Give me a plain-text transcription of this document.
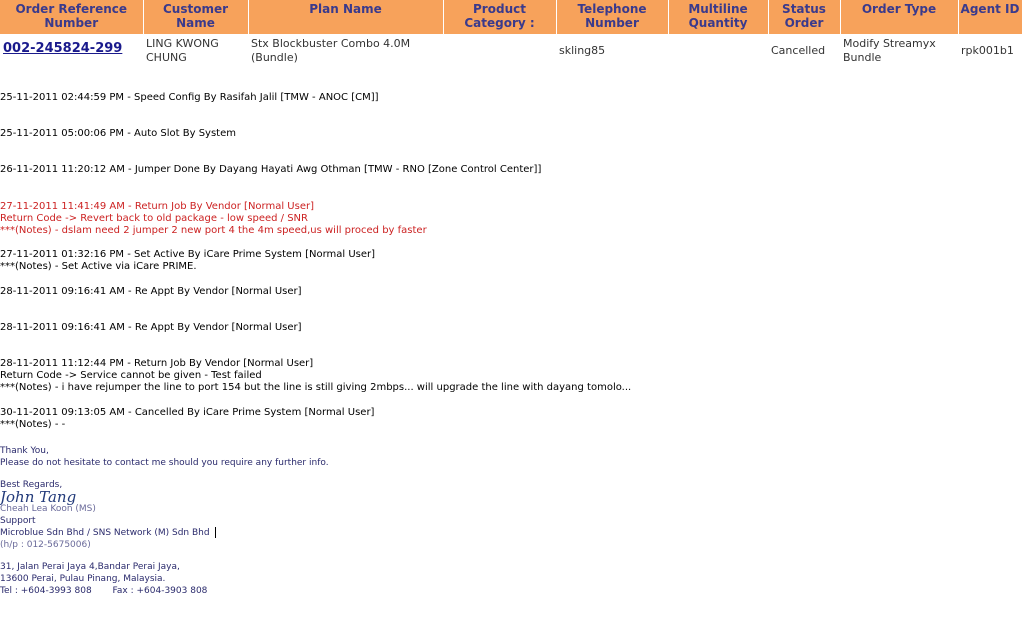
Order Reference Number	Customer Name	Plan Name	Product Category :	Telephone Number	Multiline Quantity	Status Order	Order Type	Agent ID
002-245824-299	LING KWONG CHUNG	Stx Blockbuster Combo 4.0M (Bundle)		skling85		Cancelled	Modify Streamyx Bundle	rpk001b1
25-11-2011 02:44:59 PM - Speed Config By Rasifah Jalil [TMW - ANOC [CM]]
25-11-2011 05:00:06 PM - Auto Slot By System
26-11-2011 11:20:12 AM - Jumper Done By Dayang Hayati Awg Othman [TMW - RNO [Zone Control Center]]
27-11-2011 11:41:49 AM - Return Job By Vendor [Normal User]
Return Code -> Revert back to old package - low speed / SNR
***(Notes) - dslam need 2 jumper 2 new port 4 the 4m speed,us will proced by faster
27-11-2011 01:32:16 PM - Set Active By iCare Prime System [Normal User]
***(Notes) - Set Active via iCare PRIME.
28-11-2011 09:16:41 AM - Re Appt By Vendor [Normal User]
28-11-2011 09:16:41 AM - Re Appt By Vendor [Normal User]
28-11-2011 11:12:44 PM - Return Job By Vendor [Normal User]
Return Code -> Service cannot be given - Test failed
***(Notes) - i have rejumper the line to port 154 but the line is still giving 2mbps... will upgrade the line with dayang tomolo...
30-11-2011 09:13:05 AM - Cancelled By iCare Prime System [Normal User]
***(Notes) - -
Thank You,
Please do not hesitate to contact me should you require any further info.
Best Regards,
John Tang
Cheah Lea Koon (MS)
Support
Microblue Sdn Bhd / SNS Network (M) Sdn Bhd
(h/p : 012-5675006)
31, Jalan Perai Jaya 4,Bandar Perai Jaya,
13600 Perai, Pulau Pinang, Malaysia.
Tel : +604-3993 808 Fax : +604-3903 808
